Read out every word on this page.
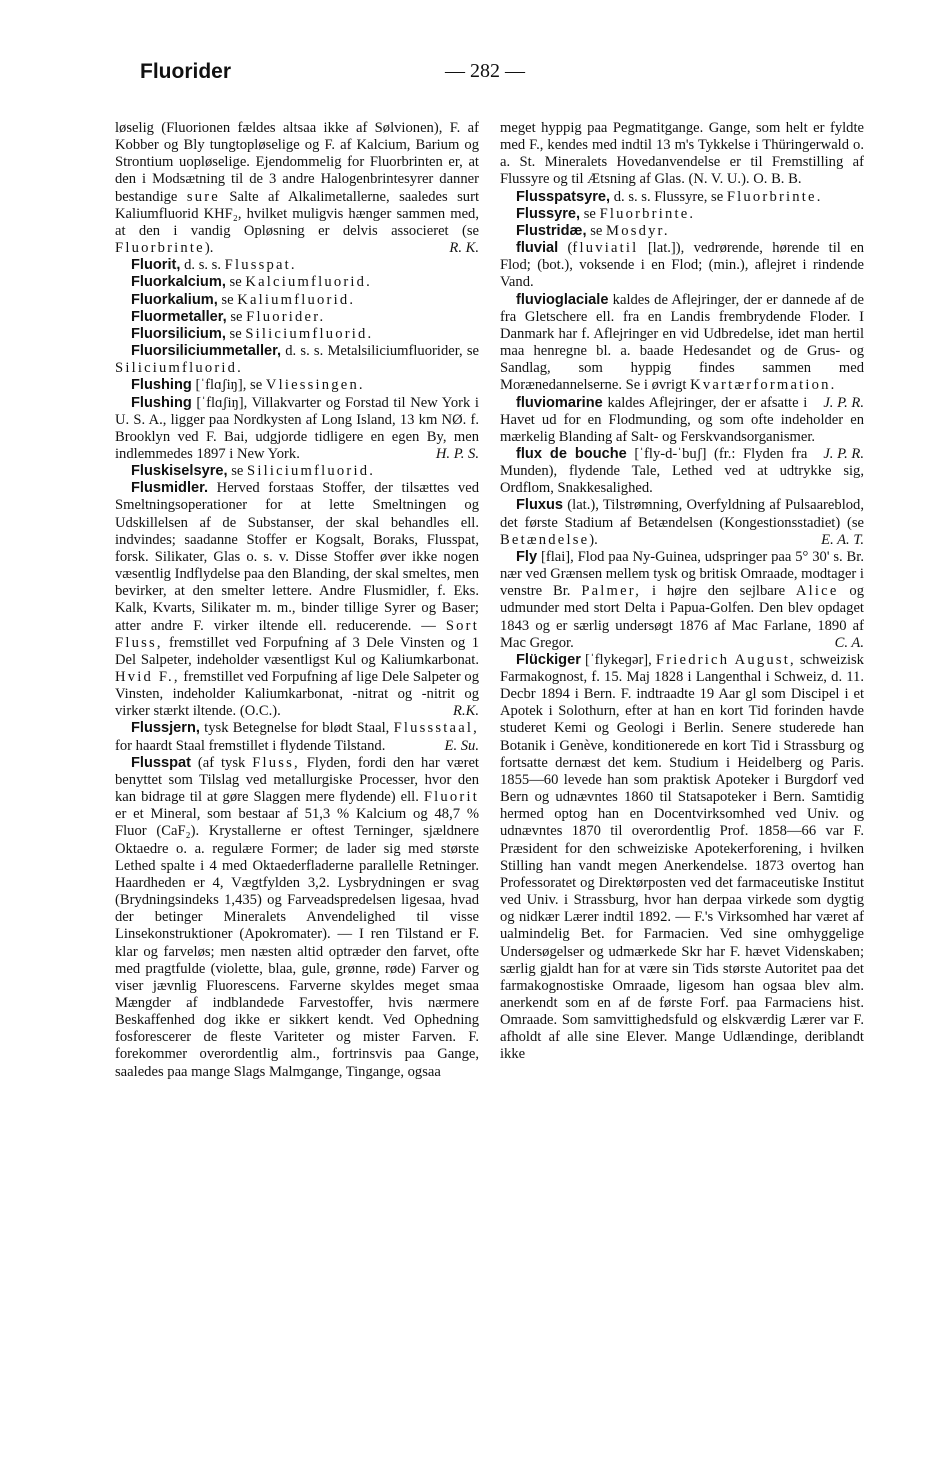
Fluorider	— 282 —

løselig (Fluorionen fældes altsaa ikke af Sølvionen), F. af Kobber og Bly tungtopløselige og F. af Kalcium, Barium og Strontium uopløselige. Ejendommelig for Fluorbrinten er, at den i Modsætning til de 3 andre Halogenbrintesyrer danner bestandige sure Salte af Alkalimetallerne, saaledes surt Kaliumfluorid KHF₂, hvilket muligvis hænger sammen med, at den i vandig Opløsning er delvis associeret (se Fluorbrinte).	R. K.

Fluorit, d. s. s. Flusspat.

Fluorkalcium, se Kalciumfluorid.

Fluorkalium, se Kaliumfluorid.

Fluormetaller, se Fluorider.

Fluorsilicium, se Siliciumfluorid.

Fluorsiliciummetaller, d. s. s. Metalsiliciumfluorider, se Siliciumfluorid.

Flushing [ˈflɑʃiŋ], se Vliessingen.

Flushing [ˈflɑʃiŋ], Villakvarter og Forstad til New York i U. S. A., ligger paa Nordkysten af Long Island, 13 km NØ. f. Brooklyn ved F. Bai, udgjorde tidligere en egen By, men indlemmedes 1897 i New York.	H. P. S.

Fluskiselsyre, se Siliciumfluorid.

Flusmidler. Herved forstaas Stoffer, der tilsættes ved Smeltningsoperationer for at lette Smeltningen og Udskillelsen af de Substanser, der skal behandles ell. indvindes; saadanne Stoffer er Kogsalt, Boraks, Flusspat, forsk. Silikater, Glas o. s. v. Disse Stoffer øver ikke nogen væsentlig Indflydelse paa den Blanding, der skal smeltes, men bevirker, at den smelter lettere. Andre Flusmidler, f. Eks. Kalk, Kvarts, Silikater m. m., binder tillige Syrer og Baser; atter andre F. virker iltende ell. reducerende. — Sort Fluss, fremstillet ved Forpufning af 3 Dele Vinsten og 1 Del Salpeter, indeholder væsentligst Kul og Kaliumkarbonat. Hvid F., fremstillet ved Forpufning af lige Dele Salpeter og Vinsten, indeholder Kaliumkarbonat, -nitrat og -nitrit og virker stærkt iltende. (O.C.).	R.K.

Flussjern, tysk Betegnelse for blødt Staal, Flussstaal, for haardt Staal fremstillet i flydende Tilstand.	E. Su.

Flusspat (af tysk Fluss, Flyden, fordi den har været benyttet som Tilslag ved metallurgiske Processer, hvor den kan bidrage til at gøre Slaggen mere flydende) ell. Fluorit er et Mineral, som bestaar af 51,3 % Kalcium og 48,7 % Fluor (CaF₂). Krystallerne er oftest Terninger, sjældnere Oktaedre o. a. regulære Former; de lader sig med største Lethed spalte i 4 med Oktaederfladerne parallelle Retninger. Haardheden er 4, Vægtfylden 3,2. Lysbrydningen er svag (Brydningsindeks 1,435) og Farveadspredelsen ligesaa, hvad der betinger Mineralets Anvendelighed til visse Linsekonstruktioner (Apokromater). — I ren Tilstand er F. klar og farveløs; men næsten altid optræder den farvet, ofte med pragtfulde (violette, blaa, gule, grønne, røde) Farver og viser jævnlig Fluorescens. Farverne skyldes meget smaa Mængder af indblandede Farvestoffer, hvis nærmere Beskaffenhed dog ikke er sikkert kendt. Ved Ophedning fosforescerer de fleste Variteter og mister Farven. F. forekommer overordentlig alm., fortrinsvis paa Gange, saaledes paa mange Slags Malmgange, Tingange, ogsaa

meget hyppig paa Pegmatitgange. Gange, som helt er fyldte med F., kendes med indtil 13 m's Tykkelse i Thüringerwald o. a. St. Mineralets Hovedanvendelse er til Fremstilling af Flussyre og til Ætsning af Glas. (N. V. U.). O. B. B.

Flusspatsyre, d. s. s. Flussyre, se Fluorbrinte.

Flussyre, se Fluorbrinte.

Flustridæ, se Mosdyr.

fluvial (fluviatil [lat.]), vedrørende, hørende til en Flod; (bot.), voksende i en Flod; (min.), aflejret i rindende Vand.

fluvioglaciale kaldes de Aflejringer, der er dannede af de fra Gletschere ell. fra en Landis frembrydende Floder. I Danmark har f. Aflejringer en vid Udbredelse, idet man hertil maa henregne bl. a. baade Hedesandet og de Grus- og Sandlag, som hyppig findes sammen med Morænedannelserne. Se i øvrigt Kvartærformation.
J. P. R.

fluviomarine kaldes Aflejringer, der er afsatte i Havet ud for en Flodmunding, og som ofte indeholder en mærkelig Blanding af Salt- og Ferskvandsorganismer.
J. P. R.

flux de bouche [ˈfly-d-ˈbuʃ] (fr.: Flyden fra Munden), flydende Tale, Lethed ved at udtrykke sig, Ordflom, Snakkesalighed.

Fluxus (lat.), Tilstrømning, Overfyldning af Pulsaareblod, det første Stadium af Betændelsen (Kongestionsstadiet) (se Betændelse).	E. A. T.

Fly [flai], Flod paa Ny-Guinea, udspringer paa 5° 30' s. Br. nær ved Grænsen mellem tysk og britisk Omraade, modtager i venstre Br. Palmer, i højre den sejlbare Alice og udmunder med stort Delta i Papua-Golfen. Den blev opdaget 1843 og er særlig undersøgt 1876 af Mac Farlane, 1890 af Mac Gregor.	C. A.

Flückiger [ˈflykeɡər], Friedrich August, schweizisk Farmakognost, f. 15. Maj 1828 i Langenthal i Schweiz, d. 11. Decbr 1894 i Bern. F. indtraadte 19 Aar gl som Discipel i et Apotek i Solothurn, efter at han en kort Tid forinden havde studeret Kemi og Geologi i Berlin. Senere studerede han Botanik i Genève, konditionerede en kort Tid i Strassburg og fortsatte dernæst det kem. Studium i Heidelberg og Paris. 1855—60 levede han som praktisk Apoteker i Burgdorf ved Bern og udnævntes 1860 til Statsapoteker i Bern. Samtidig hermed optog han en Docentvirksomhed ved Univ. og udnævntes 1870 til overordentlig Prof. 1858—66 var F. Præsident for den schweiziske Apotekerforening, i hvilken Stilling han vandt megen Anerkendelse. 1873 overtog han Professoratet og Direktørposten ved det farmaceutiske Institut ved Univ. i Strassburg, hvor han derpaa virkede som dygtig og nidkær Lærer indtil 1892. — F.'s Virksomhed har været af ualmindelig Bet. for Farmacien. Ved sine omhyggelige Undersøgelser og udmærkede Skr har F. hævet Videnskaben; særlig gjaldt han for at være sin Tids største Autoritet paa det farmakognostiske Omraade, ligesom han ogsaa blev alm. anerkendt som en af de første Forf. paa Farmaciens hist. Omraade. Som samvittighedsfuld og elskværdig Lærer var F. afholdt af alle sine Elever. Mange Udlændinge, deriblandt ikke
